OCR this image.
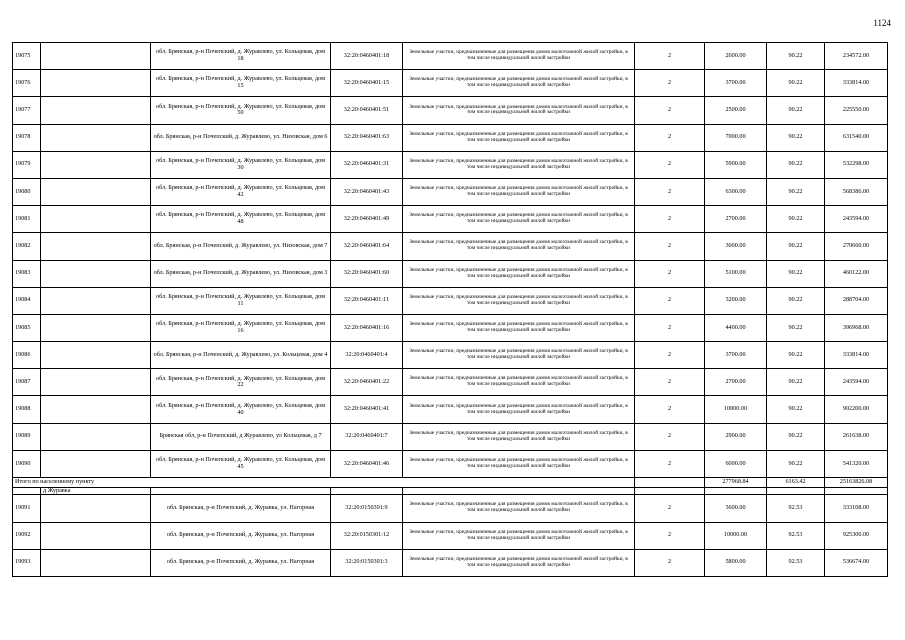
1124
19075		обл. Брянская, р-н Почепский, д. Журавлево, ул. Кольцевая, дом 18	32:20:0460401:18	Земельные участки, предназначенные для размещения домов малоэтажной жилой застройки, в том числе индивидуальной жилой застройки	2	2600.00	90.22	234572.00
19076		обл. Брянская, р-н Почепский, д. Журавлево, ул. Кольцевая, дом 15	32:20:0460401:15	Земельные участки, предназначенные для размещения домов малоэтажной жилой застройки, в том числе индивидуальной жилой застройки	2	3700.00	90.22	333814.00
19077		обл. Брянская, р-н Почепский, д. Журавлево, ул. Кольцевая, дом 50	32:20:0460401:51	Земельные участки, предназначенные для размещения домов малоэтажной жилой застройки, в том числе индивидуальной жилой застройки	2	2500.00	90.22	225550.00
19078		обл. Брянская, р-н Почепский, д. Журавлево, ул. Низовская, дом 6	32:20:0460401:63	Земельные участки, предназначенные для размещения домов малоэтажной жилой застройки, в том числе индивидуальной жилой застройки	2	7000.00	90.22	631540.00
19079		обл. Брянская, р-н Почепский, д. Журавлево, ул. Кольцевая, дом 30	32:20:0460401:31	Земельные участки, предназначенные для размещения домов малоэтажной жилой застройки, в том числе индивидуальной жилой застройки	2	5900.00	90.22	532298.00
19080		обл. Брянская, р-н Почепский, д. Журавлево, ул. Кольцевая, дом 42	32:20:0460401:43	Земельные участки, предназначенные для размещения домов малоэтажной жилой застройки, в том числе индивидуальной жилой застройки	2	6300.00	90.22	568386.00
19081		обл. Брянская, р-н Почепский, д. Журавлево, ул. Кольцевая, дом 48	32:20:0460401:49	Земельные участки, предназначенные для размещения домов малоэтажной жилой застройки, в том числе индивидуальной жилой застройки	2	2700.00	90.22	243594.00
19082		обл. Брянская, р-н Почепский, д. Журавлево, ул. Низовская, дом 7	32:20:0460401:64	Земельные участки, предназначенные для размещения домов малоэтажной жилой застройки, в том числе индивидуальной жилой застройки	2	3000.00	90.22	270660.00
19083		обл. Брянская, р-н Почепский, д. Журавлево, ул. Низовская, дом 3	32:20:0460401:60	Земельные участки, предназначенные для размещения домов малоэтажной жилой застройки, в том числе индивидуальной жилой застройки	2	5100.00	90.22	460122.00
19084		обл. Брянская, р-н Почепский, д. Журавлево, ул. Кольцевая, дом 11	32:20:0460401:11	Земельные участки, предназначенные для размещения домов малоэтажной жилой застройки, в том числе индивидуальной жилой застройки	2	3200.00	90.22	288704.00
19085		обл. Брянская, р-н Почепский, д. Журавлево, ул. Кольцевая, дом 16	32:20:0460401:16	Земельные участки, предназначенные для размещения домов малоэтажной жилой застройки, в том числе индивидуальной жилой застройки	2	4400.00	90.22	396968.00
19086		обл. Брянская, р-н Почепский, д. Журавлево, ул. Кольцевая, дом 4	32:20:0460401:4	Земельные участки, предназначенные для размещения домов малоэтажной жилой застройки, в том числе индивидуальной жилой застройки	2	3700.00	90.22	333814.00
19087		обл. Брянская, р-н Почепский, д. Журавлево, ул. Кольцевая, дом 22	32:20:0460401:22	Земельные участки, предназначенные для размещения домов малоэтажной жилой застройки, в том числе индивидуальной жилой застройки	2	2700.00	90.22	243594.00
19088		обл. Брянская, р-н Почепский, д. Журавлево, ул. Кольцевая, дом 40	32:20:0460401:41	Земельные участки, предназначенные для размещения домов малоэтажной жилой застройки, в том числе индивидуальной жилой застройки	2	10000.00	90.22	902200.00
19089		Брянская обл, р-н Почепский, д Журавлево, ул Кольцевая, д 7	32:20:0460401:7	Земельные участки, предназначенные для размещения домов малоэтажной жилой застройки, в том числе индивидуальной жилой застройки	2	2900.00	90.22	261638.00
19090		обл. Брянская, р-н Почепский, д. Журавлево, ул. Кольцевая, дом 45	32:20:0460401:46	Земельные участки, предназначенные для размещения домов малоэтажной жилой застройки, в том числе индивидуальной жилой застройки	2	6000.00	90.22	541320.00
Итого по населенному пункту						277968.84	6163.42	25163826.08
	д Журавка							
19091		обл. Брянская, р-н Почепский, д. Журавка, ул. Нагорная	32:20:0150301:9	Земельные участки, предназначенные для размещения домов малоэтажной жилой застройки, в том числе индивидуальной жилой застройки	2	3600.00	92.53	333108.00
19092		обл. Брянская, р-н Почепский, д. Журавка, ул. Нагорная	32:20:0150301:12	Земельные участки, предназначенные для размещения домов малоэтажной жилой застройки, в том числе индивидуальной жилой застройки	2	10000.00	92.53	925300.00
19093		обл. Брянская, р-н Почепский, д. Журавка, ул. Нагорная	32:20:0150301:3	Земельные участки, предназначенные для размещения домов малоэтажной жилой застройки, в том числе индивидуальной жилой застройки	2	5800.00	92.53	536674.00
